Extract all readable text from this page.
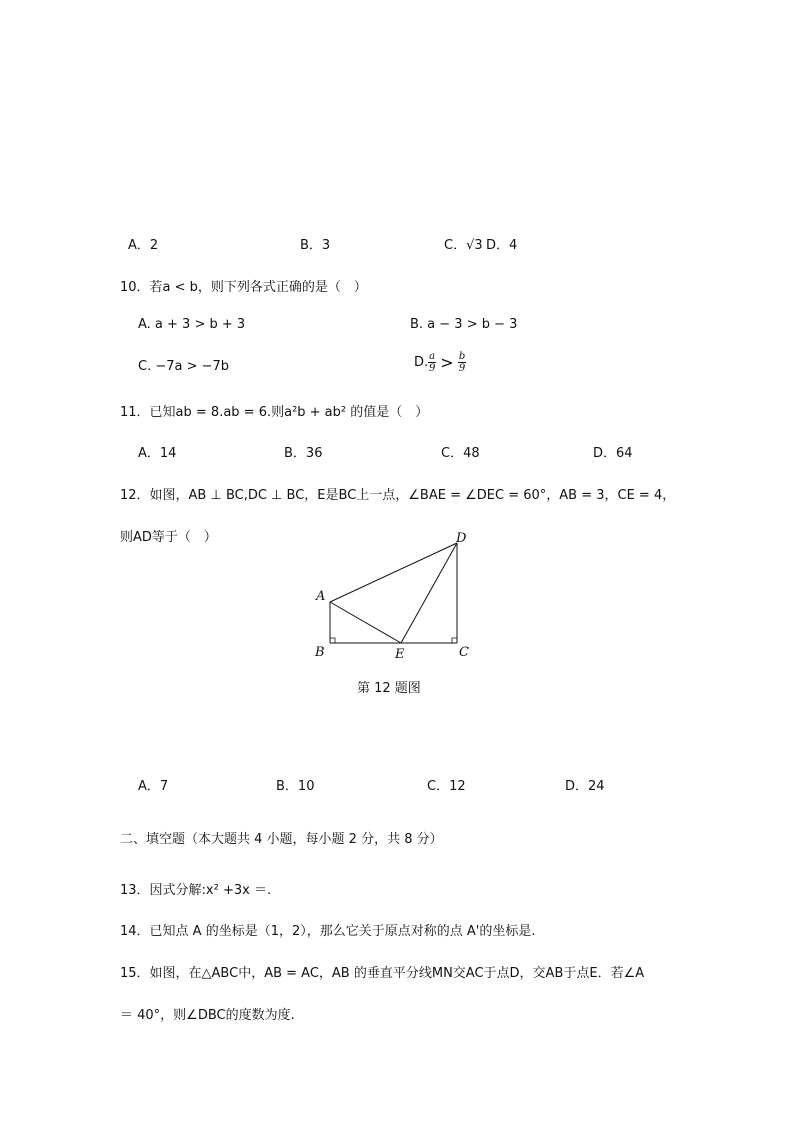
A．2	B．3	C．√3 D．4
10．若a < b，则下列各式正确的是（　）
A. a + 3 > b + 3	B. a − 3 > b − 3
C. −7a > −7b	D. $\frac{a}{9} > \frac{b}{9}$
11．已知ab = 8.ab = 6.则a²b + ab² 的值是（　）
A．14	B．36	C．48	D．64
12．如图，AB ⊥ BC,DC ⊥ BC，E是BC上一点，∠BAE = ∠DEC = 60°，AB = 3，CE = 4，
则AD等于（　）
A
B	E	C
D
第 12 题图
A．7	B．10	C．12	D．24
二、填空题（本大题共 4 小题，每小题 2 分，共 8 分）
13．因式分解:x² +3x ＝.
14．已知点 A 的坐标是（1，2），那么它关于原点对称的点 A'的坐标是.
15．如图，在△ABC中，AB = AC，AB 的垂直平分线MN交AC于点D，交AB于点E．若∠A
＝ 40°，则∠DBC的度数为度.
